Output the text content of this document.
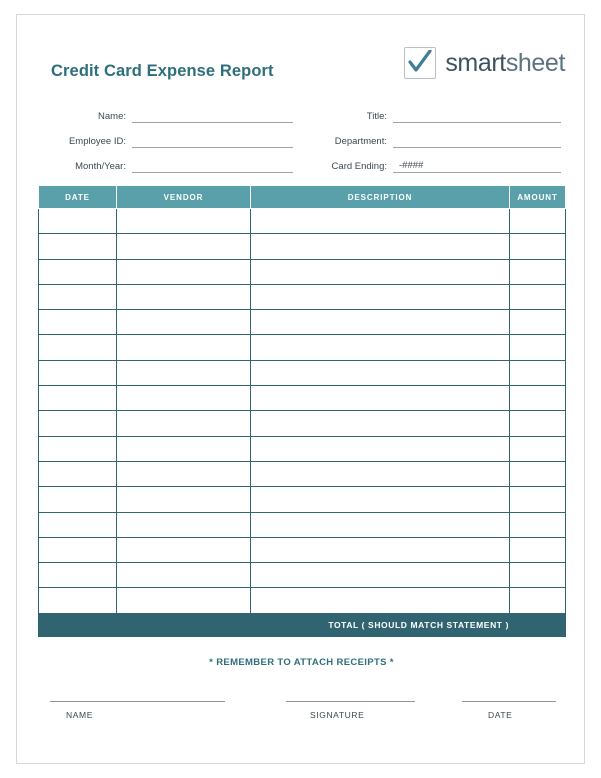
Credit Card Expense Report	smartsheet
Name:
Employee ID:
Month/Year:
Title:
Department:
Card Ending: -####
DATE	VENDOR	DESCRIPTION	AMOUNT

TOTAL ( SHOULD MATCH STATEMENT )			
* REMEMBER TO ATTACH RECEIPTS *
NAME	SIGNATURE	DATE
